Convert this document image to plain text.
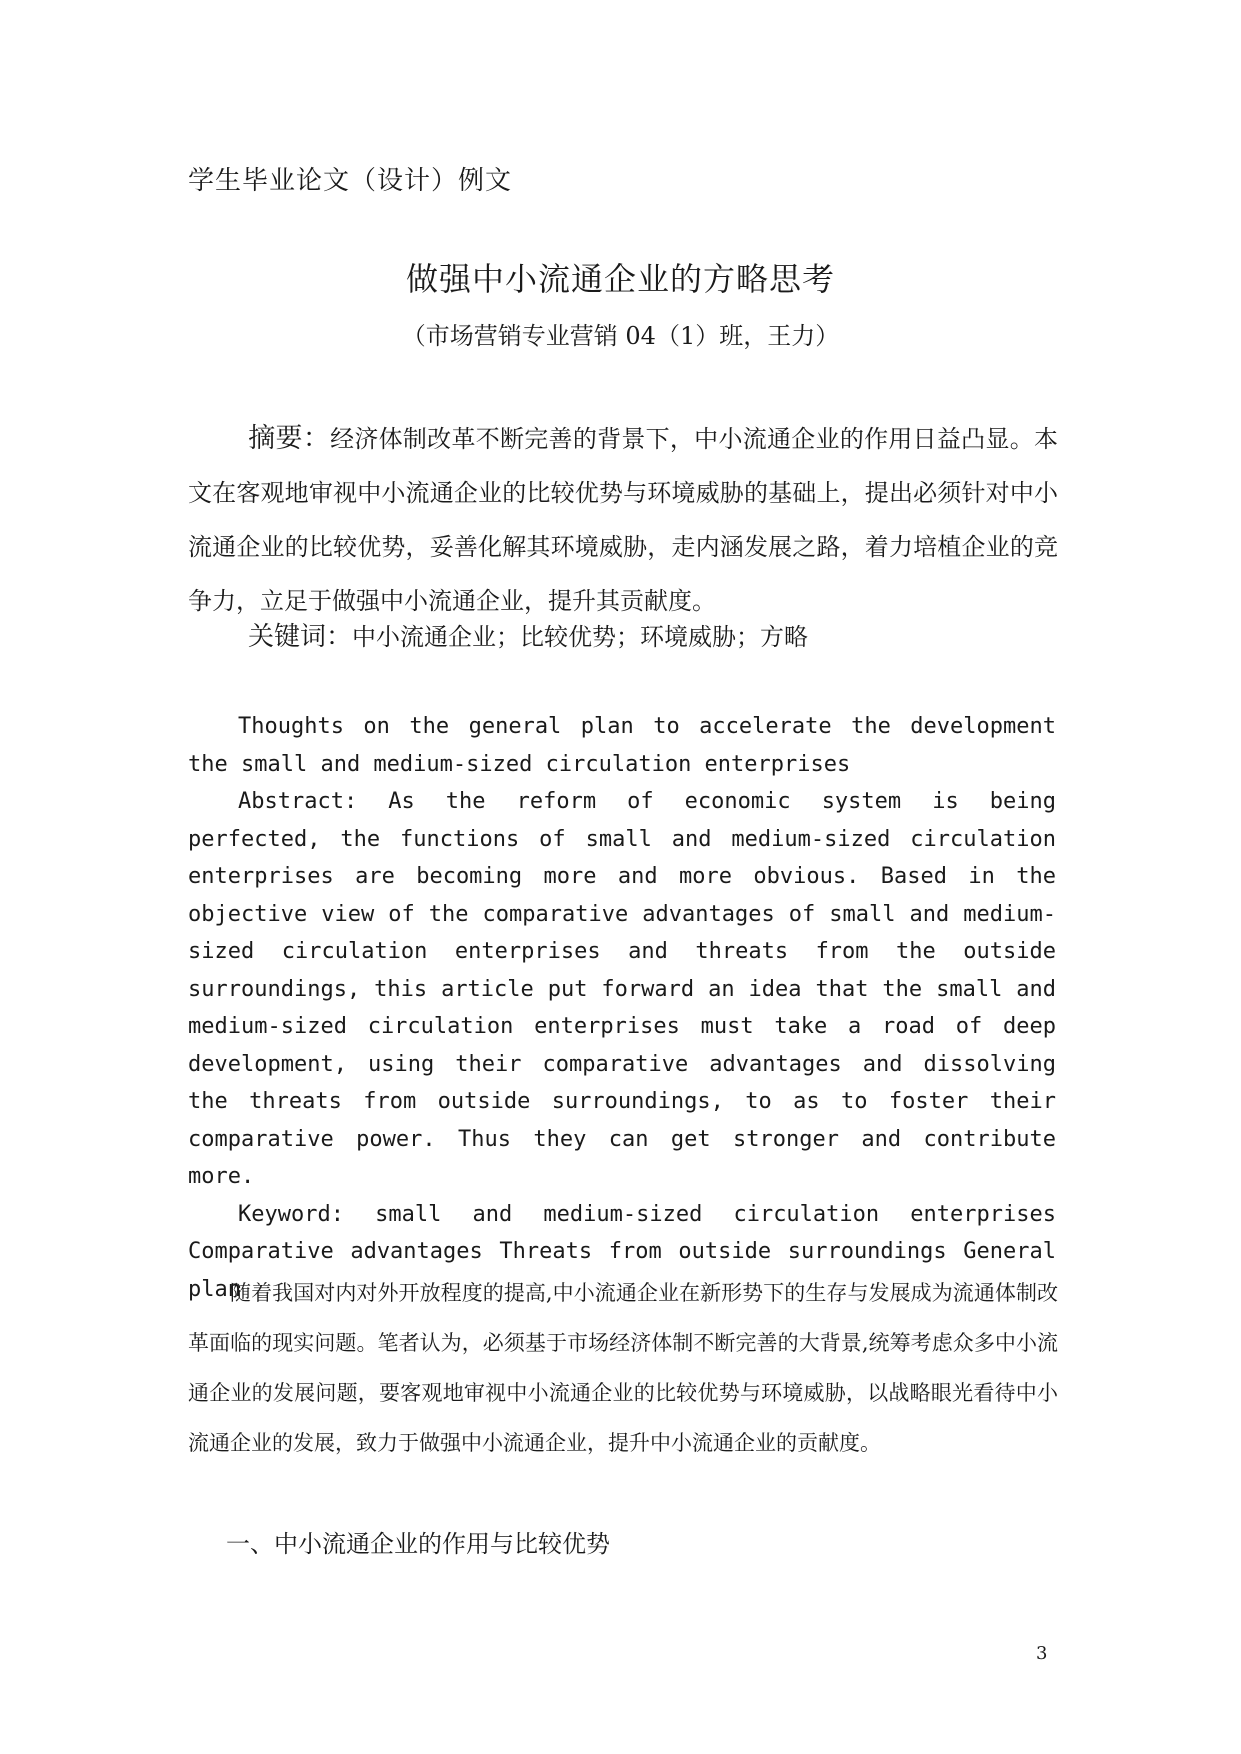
学生毕业论文（设计）例文
做强中小流通企业的方略思考
（市场营销专业营销 04（1）班，王力）
摘要：经济体制改革不断完善的背景下，中小流通企业的作用日益凸显。本文在客观地审视中小流通企业的比较优势与环境威胁的基础上，提出必须针对中小流通企业的比较优势，妥善化解其环境威胁，走内涵发展之路，着力培植企业的竞争力，立足于做强中小流通企业，提升其贡献度。
关键词：中小流通企业；比较优势；环境威胁；方略

Thoughts on the general plan to accelerate the development the small and medium-sized circulation enterprises

Abstract: As the reform of economic system is being perfected, the functions of small and medium-sized circulation enterprises are becoming more and more obvious. Based in the objective view of the comparative advantages of small and medium-sized circulation enterprises and threats from the outside surroundings, this article put forward an idea that the small and medium-sized circulation enterprises must take a road of deep development, using their comparative advantages and dissolving the threats from outside surroundings, to as to foster their comparative power. Thus they can get stronger and contribute more.

Keyword: small and medium-sized circulation enterprises Comparative advantages Threats from outside surroundings General plan

随着我国对内对外开放程度的提高,中小流通企业在新形势下的生存与发展成为流通体制改革面临的现实问题。笔者认为，必须基于市场经济体制不断完善的大背景,统筹考虑众多中小流通企业的发展问题，要客观地审视中小流通企业的比较优势与环境威胁，以战略眼光看待中小流通企业的发展，致力于做强中小流通企业，提升中小流通企业的贡献度。
一、中小流通企业的作用与比较优势
3
